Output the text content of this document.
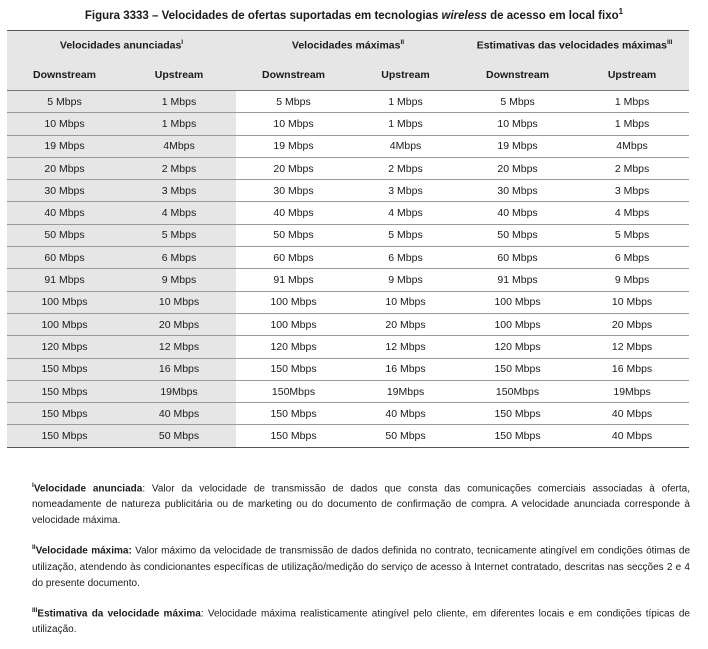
Figura 3333 – Velocidades de ofertas suportadas em tecnologias wireless de acesso em local fixo$^1$
Velocidades anunciadas$^I$		Velocidades máximas$^{II}$		Estimativas das velocidades máximas$^{III}$
Downstream	Upstream	Downstream	Upstream	Downstream	Upstream
5 Mbps	1 Mbps	5 Mbps	1 Mbps	5 Mbps	1 Mbps
10 Mbps	1 Mbps	10 Mbps	1 Mbps	10 Mbps	1 Mbps
19 Mbps	4Mbps	19 Mbps	4Mbps	19 Mbps	4Mbps
20 Mbps	2 Mbps	20 Mbps	2 Mbps	20 Mbps	2 Mbps
30 Mbps	3 Mbps	30 Mbps	3 Mbps	30 Mbps	3 Mbps
40 Mbps	4 Mbps	40 Mbps	4 Mbps	40 Mbps	4 Mbps
50 Mbps	5 Mbps	50 Mbps	5 Mbps	50 Mbps	5 Mbps
60 Mbps	6 Mbps	60 Mbps	6 Mbps	60 Mbps	6 Mbps
91 Mbps	9 Mbps	91 Mbps	9 Mbps	91 Mbps	9 Mbps
100 Mbps	10 Mbps	100 Mbps	10 Mbps	100 Mbps	10 Mbps
100 Mbps	20 Mbps	100 Mbps	20 Mbps	100 Mbps	20 Mbps
120 Mbps	12 Mbps	120 Mbps	12 Mbps	120 Mbps	12 Mbps
150 Mbps	16 Mbps	150 Mbps	16 Mbps	150 Mbps	16 Mbps
150 Mbps	19Mbps	150Mbps	19Mbps	150Mbps	19Mbps
150 Mbps	40 Mbps	150 Mbps	40 Mbps	150 Mbps	40 Mbps
150 Mbps	50 Mbps	150 Mbps	50 Mbps	150 Mbps	40 Mbps

$^I$Velocidade anunciada: Valor da velocidade de transmissão de dados que consta das comunicações comerciais associadas à oferta, nomeadamente de natureza publicitária ou de marketing ou do documento de confirmação de compra. A velocidade anunciada corresponde à velocidade máxima.

$^{II}$Velocidade máxima: Valor máximo da velocidade de transmissão de dados definida no contrato, tecnicamente atingível em condições ótimas de utilização, atendendo às condicionantes específicas de utilização/medição do serviço de acesso à Internet contratado, descritas nas secções 2 e 4 do presente documento.

$^{III}$Estimativa da velocidade máxima: Velocidade máxima realisticamente atingível pelo cliente, em diferentes locais e em condições típicas de utilização.
